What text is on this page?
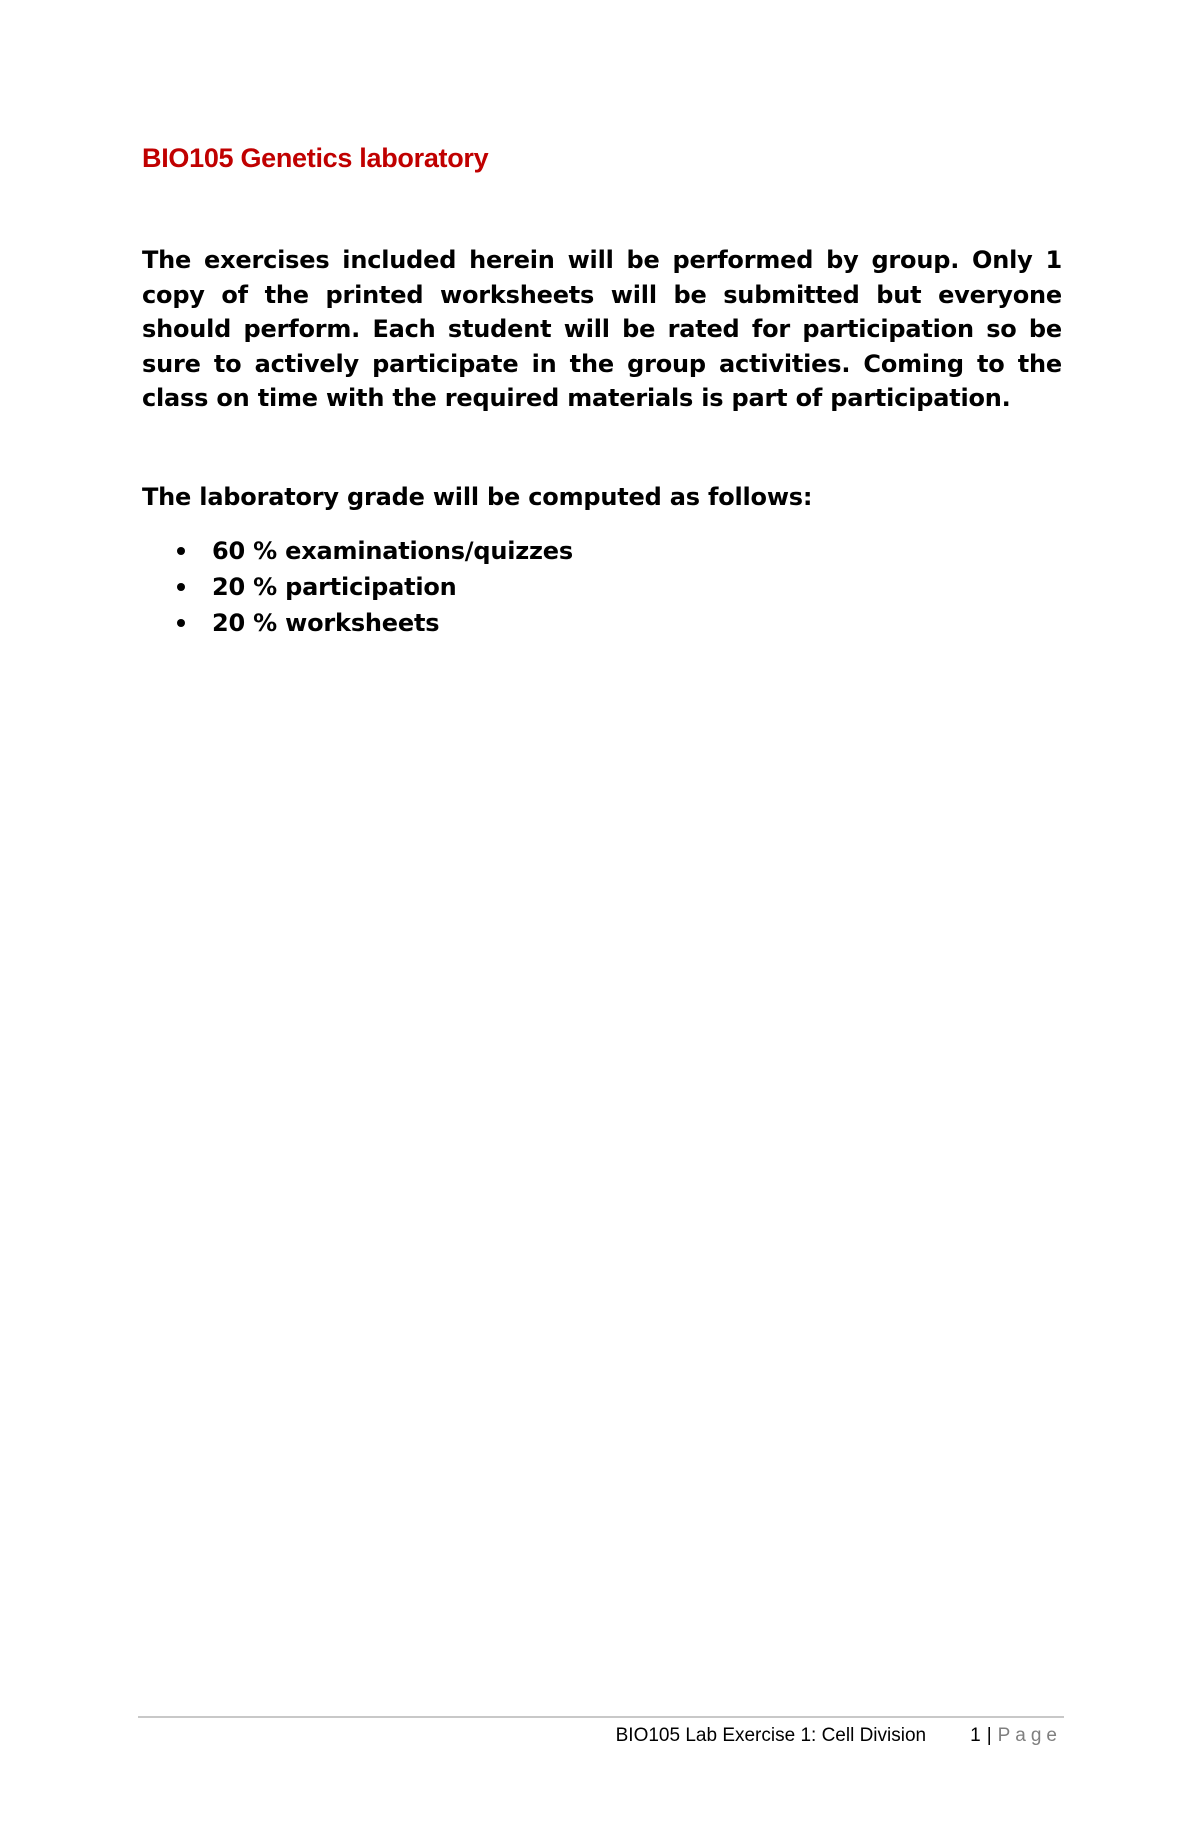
BIO105 Genetics laboratory

The exercises included herein will be performed by group. Only 1 copy of the printed worksheets will be submitted but everyone should perform. Each student will be rated for participation so be sure to actively participate in the group activities. Coming to the class on time with the required materials is part of participation.

The laboratory grade will be computed as follows:

60 % examinations/quizzes
20 % participation
20 % worksheets
BIO105 Lab Exercise 1: Cell Division 1 | Page
